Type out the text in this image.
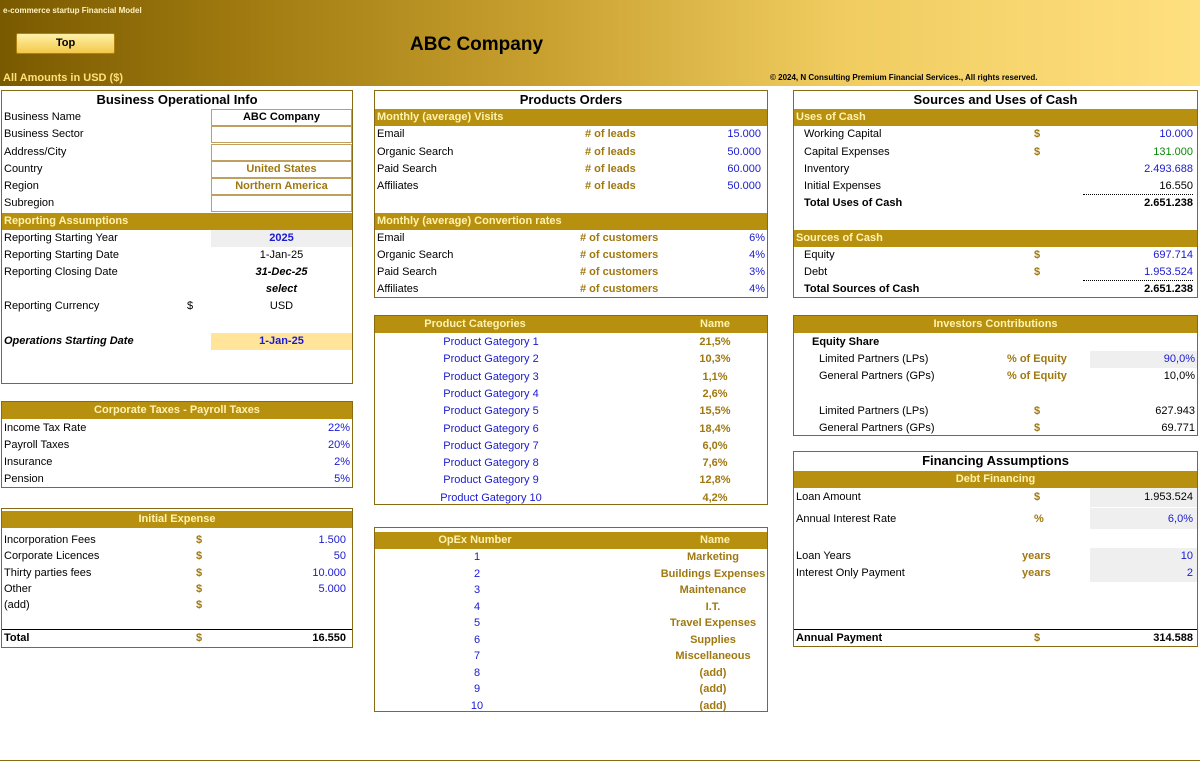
e-commerce startup Financial Model
Top	ABC Company
All Amounts in USD ($)	© 2024, N Consulting Premium Financial Services., All rights reserved.
Business Operational Info
Business Name	ABC Company
Business Sector
Address/City
Country	United States
Region	Northern America
Subregion
Reporting Assumptions
Reporting Starting Year	2025
Reporting Starting Date	1-Jan-25
Reporting Closing Date	31-Dec-25
select
Reporting Currency	$	USD
Operations Starting Date	1-Jan-25
Corporate Taxes - Payroll Taxes
Income Tax Rate	22%
Payroll Taxes	20%
Insurance	2%
Pension	5%
Initial Expense
Incorporation Fees	$	1.500
Corporate Licences	$	50
Thirty parties fees	$	10.000
Other	$	5.000
(add)	$
Total	$	16.550
Products Orders
Monthly (average) Visits
Email	# of leads	15.000
Organic Search	# of leads	50.000
Paid Search	# of leads	60.000
Affiliates	# of leads	50.000
Monthly (average) Convertion rates
Email	# of customers	6%
Organic Search	# of customers	4%
Paid Search	# of customers	3%
Affiliates	# of customers	4%
Product Categories	Name
Product Gategory 1	21,5%
Product Gategory 2	10,3%
Product Gategory 3	1,1%
Product Gategory 4	2,6%
Product Gategory 5	15,5%
Product Gategory 6	18,4%
Product Gategory 7	6,0%
Product Gategory 8	7,6%
Product Gategory 9	12,8%
Product Gategory 10	4,2%
OpEx Number	Name
1	Marketing
2	Buildings Expenses
3	Maintenance
4	I.T.
5	Travel Expenses
6	Supplies
7	Miscellaneous
8	(add)
9	(add)
10	(add)
Sources and Uses of Cash
Uses of Cash
Working Capital	$	10.000
Capital Expenses	$	131.000
Inventory	2.493.688
Initial Expenses	16.550
Total Uses of Cash	2.651.238
Sources of Cash
Equity	$	697.714
Debt	$	1.953.524
Total Sources of Cash	2.651.238
Investors Contributions
Equity Share
Limited Partners (LPs)	% of Equity	90,0%
General Partners (GPs)	% of Equity	10,0%
Limited Partners (LPs)	$	627.943
General Partners (GPs)	$	69.771
Financing Assumptions
Debt Financing
Loan Amount	$	1.953.524
Annual Interest Rate	%	6,0%
Loan Years	years	10
Interest Only Payment	years	2
Annual Payment	$	314.588
